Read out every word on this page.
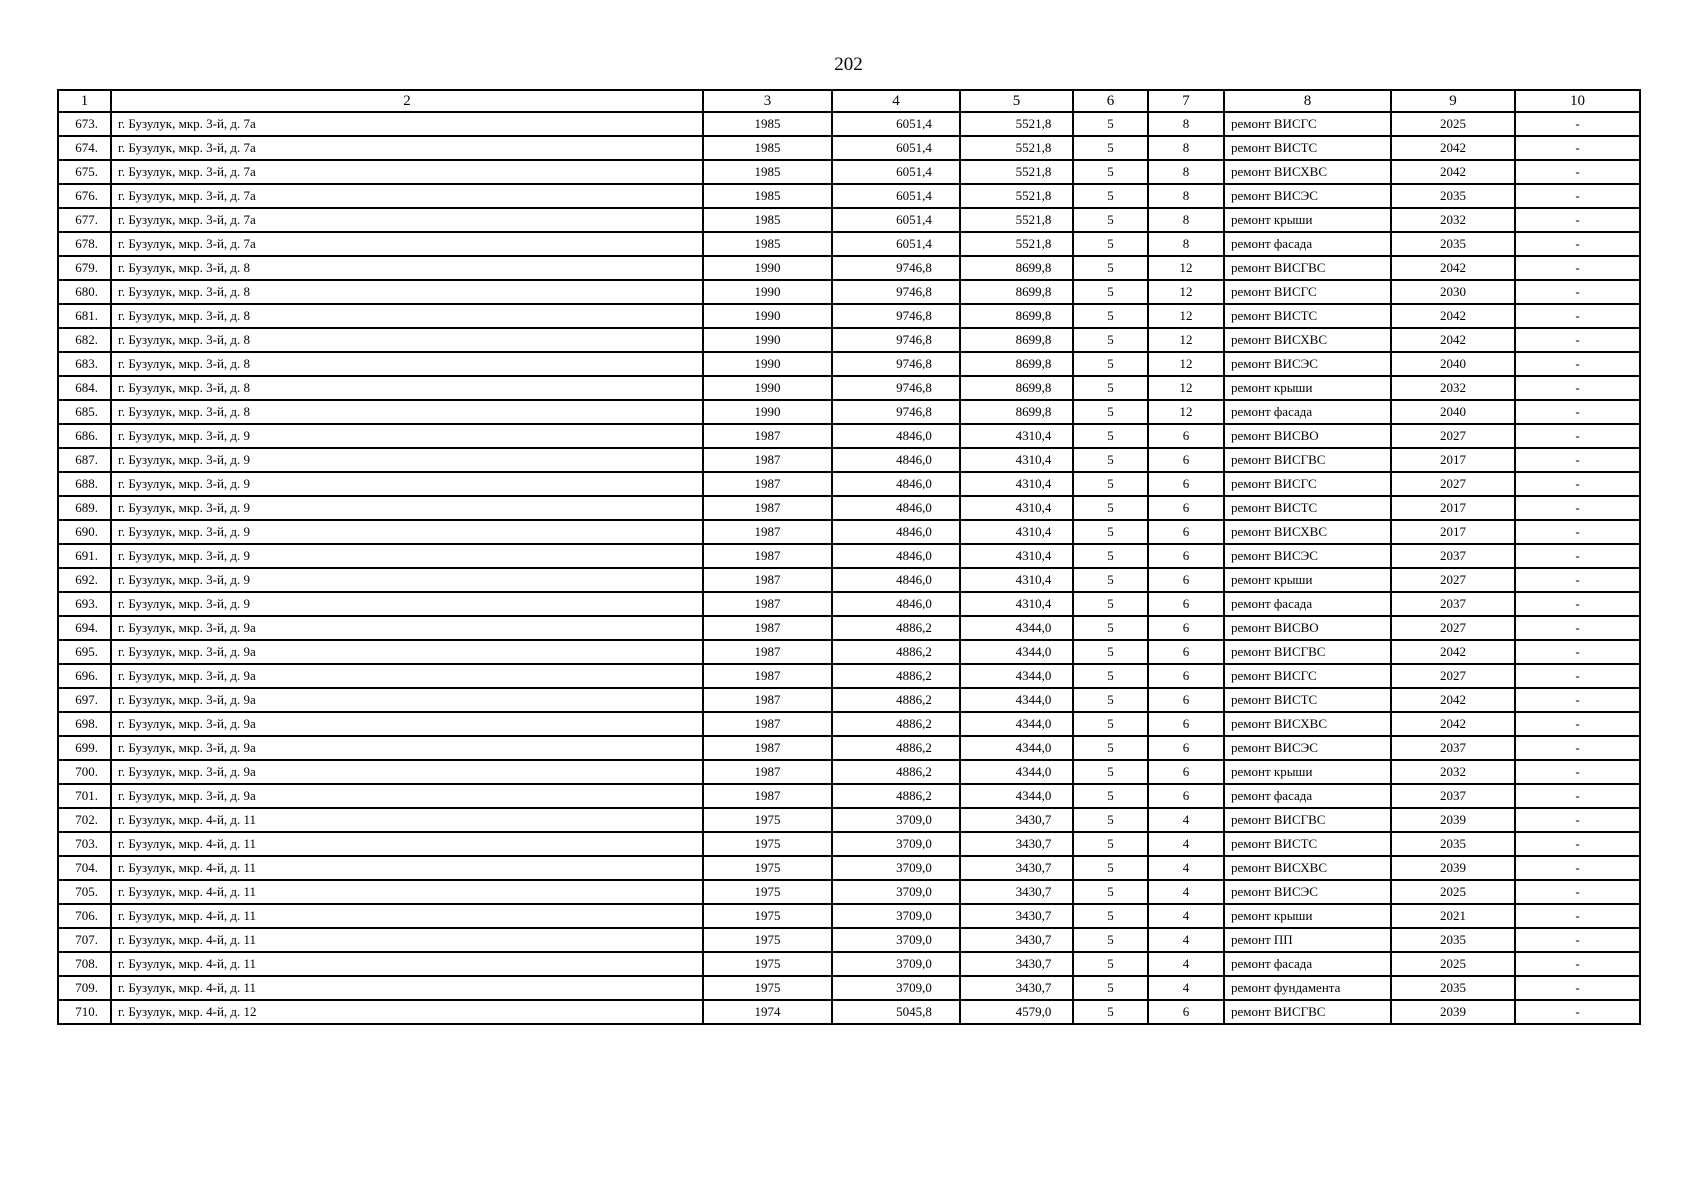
202
1	2	3	4	5	6	7	8	9	10
673.	г. Бузулук, мкр. 3-й, д. 7а	1985	6051,4	5521,8	5	8	ремонт ВИСГС	2025	-
674.	г. Бузулук, мкр. 3-й, д. 7а	1985	6051,4	5521,8	5	8	ремонт ВИСТС	2042	-
675.	г. Бузулук, мкр. 3-й, д. 7а	1985	6051,4	5521,8	5	8	ремонт ВИСХВС	2042	-
676.	г. Бузулук, мкр. 3-й, д. 7а	1985	6051,4	5521,8	5	8	ремонт ВИСЭС	2035	-
677.	г. Бузулук, мкр. 3-й, д. 7а	1985	6051,4	5521,8	5	8	ремонт крыши	2032	-
678.	г. Бузулук, мкр. 3-й, д. 7а	1985	6051,4	5521,8	5	8	ремонт фасада	2035	-
679.	г. Бузулук, мкр. 3-й, д. 8	1990	9746,8	8699,8	5	12	ремонт ВИСГВС	2042	-
680.	г. Бузулук, мкр. 3-й, д. 8	1990	9746,8	8699,8	5	12	ремонт ВИСГС	2030	-
681.	г. Бузулук, мкр. 3-й, д. 8	1990	9746,8	8699,8	5	12	ремонт ВИСТС	2042	-
682.	г. Бузулук, мкр. 3-й, д. 8	1990	9746,8	8699,8	5	12	ремонт ВИСХВС	2042	-
683.	г. Бузулук, мкр. 3-й, д. 8	1990	9746,8	8699,8	5	12	ремонт ВИСЭС	2040	-
684.	г. Бузулук, мкр. 3-й, д. 8	1990	9746,8	8699,8	5	12	ремонт крыши	2032	-
685.	г. Бузулук, мкр. 3-й, д. 8	1990	9746,8	8699,8	5	12	ремонт фасада	2040	-
686.	г. Бузулук, мкр. 3-й, д. 9	1987	4846,0	4310,4	5	6	ремонт ВИСВО	2027	-
687.	г. Бузулук, мкр. 3-й, д. 9	1987	4846,0	4310,4	5	6	ремонт ВИСГВС	2017	-
688.	г. Бузулук, мкр. 3-й, д. 9	1987	4846,0	4310,4	5	6	ремонт ВИСГС	2027	-
689.	г. Бузулук, мкр. 3-й, д. 9	1987	4846,0	4310,4	5	6	ремонт ВИСТС	2017	-
690.	г. Бузулук, мкр. 3-й, д. 9	1987	4846,0	4310,4	5	6	ремонт ВИСХВС	2017	-
691.	г. Бузулук, мкр. 3-й, д. 9	1987	4846,0	4310,4	5	6	ремонт ВИСЭС	2037	-
692.	г. Бузулук, мкр. 3-й, д. 9	1987	4846,0	4310,4	5	6	ремонт крыши	2027	-
693.	г. Бузулук, мкр. 3-й, д. 9	1987	4846,0	4310,4	5	6	ремонт фасада	2037	-
694.	г. Бузулук, мкр. 3-й, д. 9а	1987	4886,2	4344,0	5	6	ремонт ВИСВО	2027	-
695.	г. Бузулук, мкр. 3-й, д. 9а	1987	4886,2	4344,0	5	6	ремонт ВИСГВС	2042	-
696.	г. Бузулук, мкр. 3-й, д. 9а	1987	4886,2	4344,0	5	6	ремонт ВИСГС	2027	-
697.	г. Бузулук, мкр. 3-й, д. 9а	1987	4886,2	4344,0	5	6	ремонт ВИСТС	2042	-
698.	г. Бузулук, мкр. 3-й, д. 9а	1987	4886,2	4344,0	5	6	ремонт ВИСХВС	2042	-
699.	г. Бузулук, мкр. 3-й, д. 9а	1987	4886,2	4344,0	5	6	ремонт ВИСЭС	2037	-
700.	г. Бузулук, мкр. 3-й, д. 9а	1987	4886,2	4344,0	5	6	ремонт крыши	2032	-
701.	г. Бузулук, мкр. 3-й, д. 9а	1987	4886,2	4344,0	5	6	ремонт фасада	2037	-
702.	г. Бузулук, мкр. 4-й, д. 11	1975	3709,0	3430,7	5	4	ремонт ВИСГВС	2039	-
703.	г. Бузулук, мкр. 4-й, д. 11	1975	3709,0	3430,7	5	4	ремонт ВИСТС	2035	-
704.	г. Бузулук, мкр. 4-й, д. 11	1975	3709,0	3430,7	5	4	ремонт ВИСХВС	2039	-
705.	г. Бузулук, мкр. 4-й, д. 11	1975	3709,0	3430,7	5	4	ремонт ВИСЭС	2025	-
706.	г. Бузулук, мкр. 4-й, д. 11	1975	3709,0	3430,7	5	4	ремонт крыши	2021	-
707.	г. Бузулук, мкр. 4-й, д. 11	1975	3709,0	3430,7	5	4	ремонт ПП	2035	-
708.	г. Бузулук, мкр. 4-й, д. 11	1975	3709,0	3430,7	5	4	ремонт фасада	2025	-
709.	г. Бузулук, мкр. 4-й, д. 11	1975	3709,0	3430,7	5	4	ремонт фундамента	2035	-
710.	г. Бузулук, мкр. 4-й, д. 12	1974	5045,8	4579,0	5	6	ремонт ВИСГВС	2039	-
